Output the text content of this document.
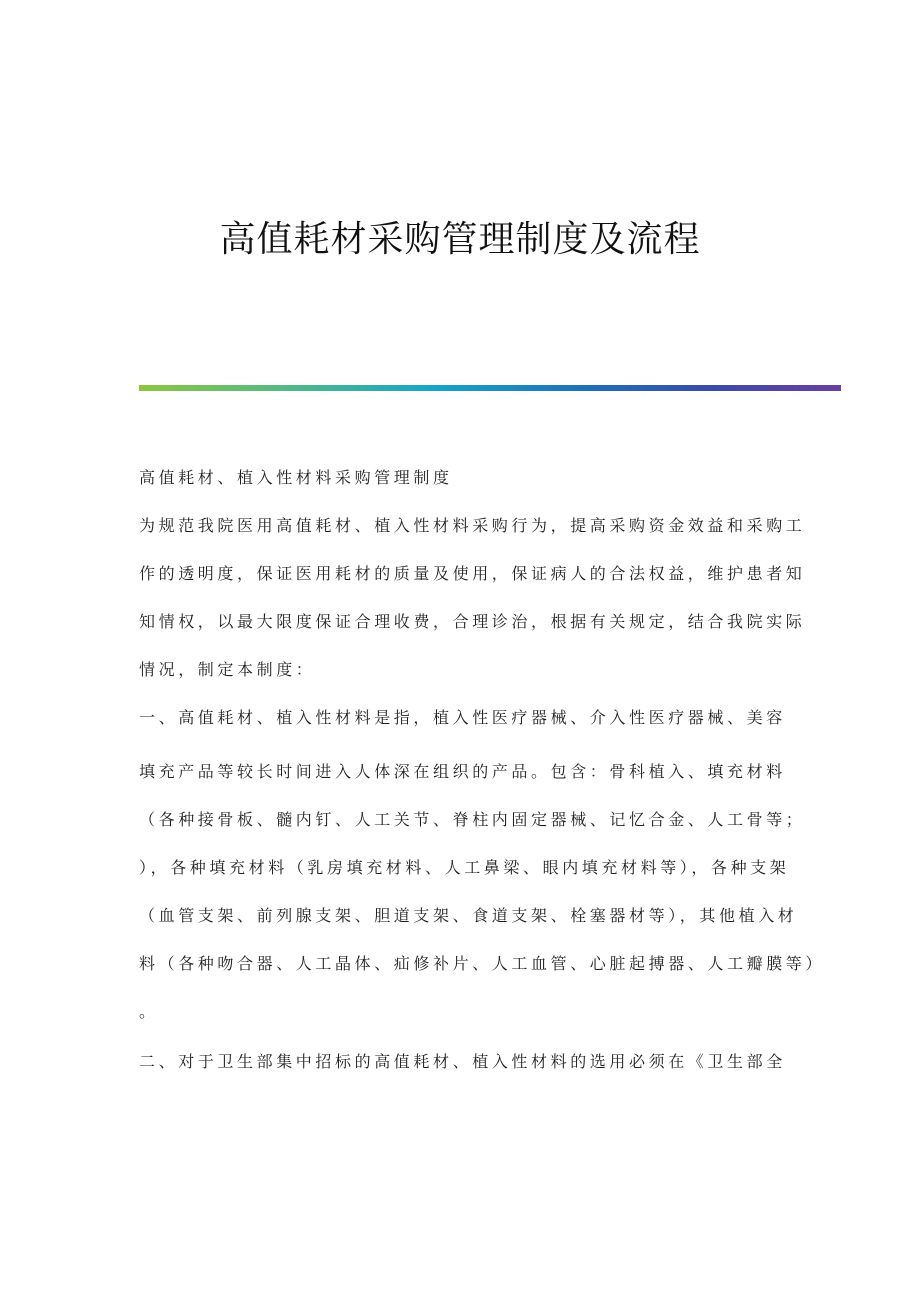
高值耗材采购管理制度及流程

高值耗材、植入性材料采购管理制度

为规范我院医用高值耗材、植入性材料采购行为，提高采购资金效益和采购工

作的透明度，保证医用耗材的质量及使用，保证病人的合法权益，维护患者知

知情权，以最大限度保证合理收费，合理诊治，根据有关规定，结合我院实际

情况，制定本制度：

一、高值耗材、植入性材料是指，植入性医疗器械、介入性医疗器械、美容

填充产品等较长时间进入人体深在组织的产品。包含：骨科植入、填充材料

（各种接骨板、髓内钉、人工关节、脊柱内固定器械、记忆合金、人工骨等；

），各种填充材料（乳房填充材料、人工鼻梁、眼内填充材料等），各种支架

（血管支架、前列腺支架、胆道支架、食道支架、栓塞器材等），其他植入材

料（各种吻合器、人工晶体、疝修补片、人工血管、心脏起搏器、人工瓣膜等）

。

二、对于卫生部集中招标的高值耗材、植入性材料的选用必须在《卫生部全
